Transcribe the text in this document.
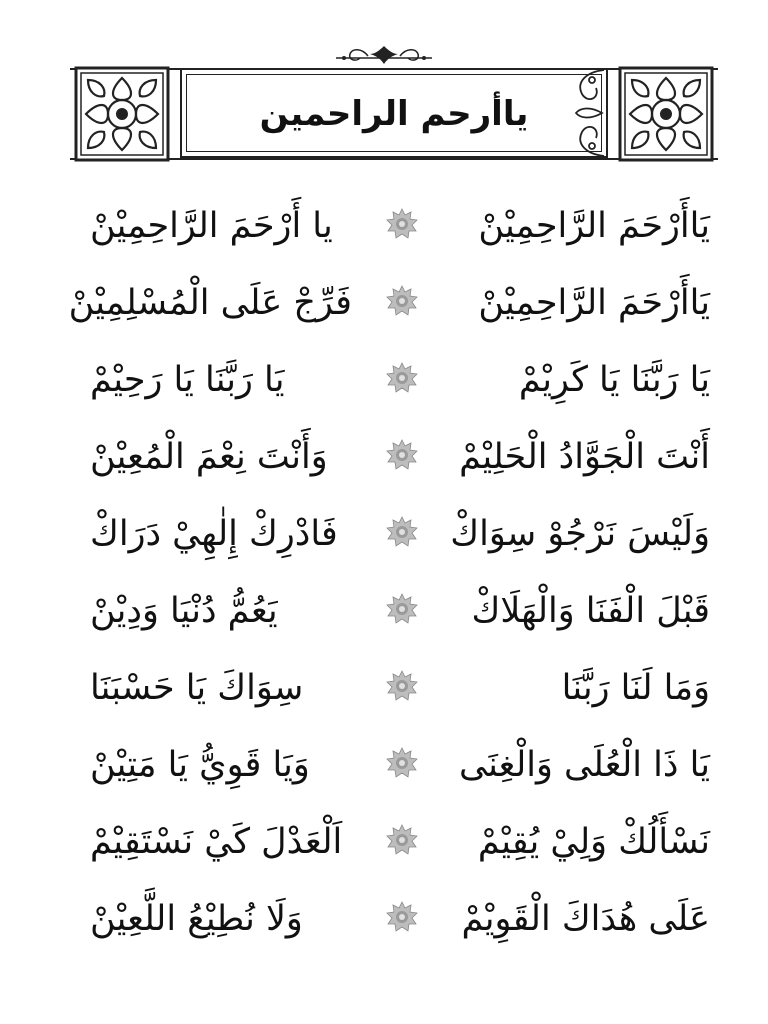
ياأرحم الراحمين
يَاأَرْحَمَ الرَّاحِمِيْنْ
يا أَرْحَمَ الرَّاحِمِيْنْ
يَاأَرْحَمَ الرَّاحِمِيْنْ
فَرِّجْ عَلَى الْمُسْلِمِيْنْ
يَا رَبَّنَا يَا كَرِيْمْ
يَا رَبَّنَا يَا رَحِيْمْ
أَنْتَ الْجَوَّادُ الْحَلِيْمْ
وَأَنْتَ نِعْمَ الْمُعِيْنْ
وَلَيْسَ نَرْجُوْ سِوَاكْ
فَادْرِكْ إِلٰهِيْ دَرَاكْ
قَبْلَ الْفَنَا وَالْهَلَاكْ
يَعُمُّ دُنْيَا وَدِيْنْ
وَمَا لَنَا رَبَّنَا
سِوَاكَ يَا حَسْبَنَا
يَا ذَا الْعُلَى وَالْغِنَى
وَيَا قَوِيُّ يَا مَتِيْنْ
نَسْأَلُكْ وَلِيْ يُقِيْمْ
اَلْعَدْلَ كَيْ نَسْتَقِيْمْ
عَلَى هُدَاكَ الْقَوِيْمْ
وَلَا نُطِيْعُ اللَّعِيْنْ
